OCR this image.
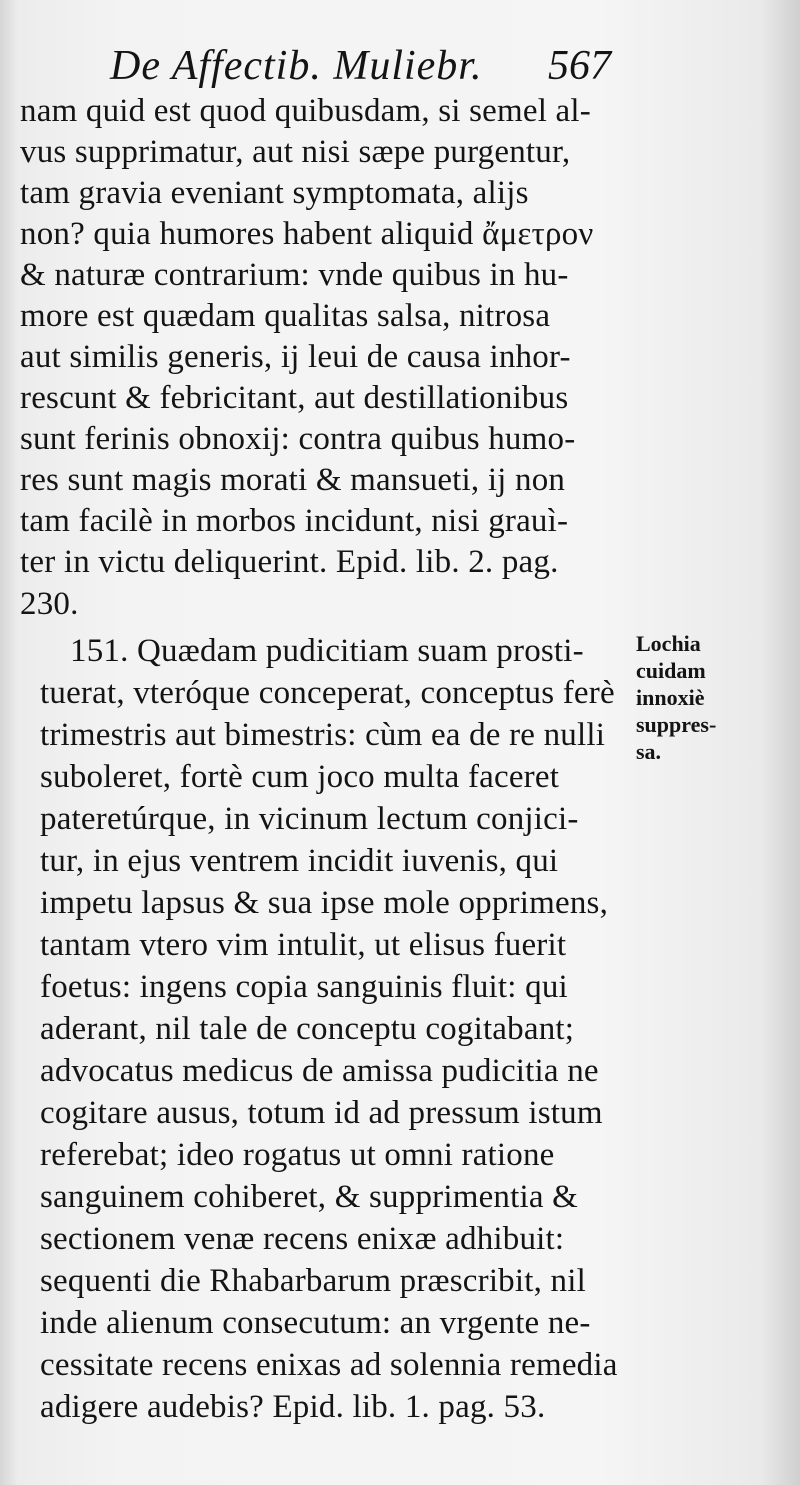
De Affectib. Muliebr. 567
nam quid est quod quibusdam, si semel al-
vus supprimatur, aut nisi sæpe purgentur,
tam gravia eveniant symptomata, alijs
non? quia humores habent aliquid ἄμετρον
& naturæ contrarium: vnde quibus in hu-
more est quædam qualitas salsa, nitrosa
aut similis generis, ij leui de causa inhor-
rescunt & febricitant, aut destillationibus
sunt ferinis obnoxij: contra quibus humo-
res sunt magis morati & mansueti, ij non
tam facilè in morbos incidunt, nisi grauì-
ter in victu deliquerint. Epid. lib. 2. pag.
230.
151. Quædam pudicitiam suam prosti-
tuerat, vteróque conceperat, conceptus ferè
trimestris aut bimestris: cùm ea de re nulli
suboleret, fortè cum joco multa faceret
pateretúrque, in vicinum lectum conjici-
tur, in ejus ventrem incidit iuvenis, qui
impetu lapsus & sua ipse mole opprimens,
tantam vtero vim intulit, ut elisus fuerit
foetus: ingens copia sanguinis fluit: qui
aderant, nil tale de conceptu cogitabant;
advocatus medicus de amissa pudicitia ne
cogitare ausus, totum id ad pressum istum
referebat; ideo rogatus ut omni ratione
sanguinem cohiberet, & supprimentia &
sectionem venæ recens enixæ adhibuit:
sequenti die Rhabarbarum præscribit, nil
inde alienum consecutum: an vrgente ne-
cessitate recens enixas ad solennia remedia
adigere audebis? Epid. lib. 1. pag. 53.
Lochia
cuidam
innoxiè
suppres-
sa.
